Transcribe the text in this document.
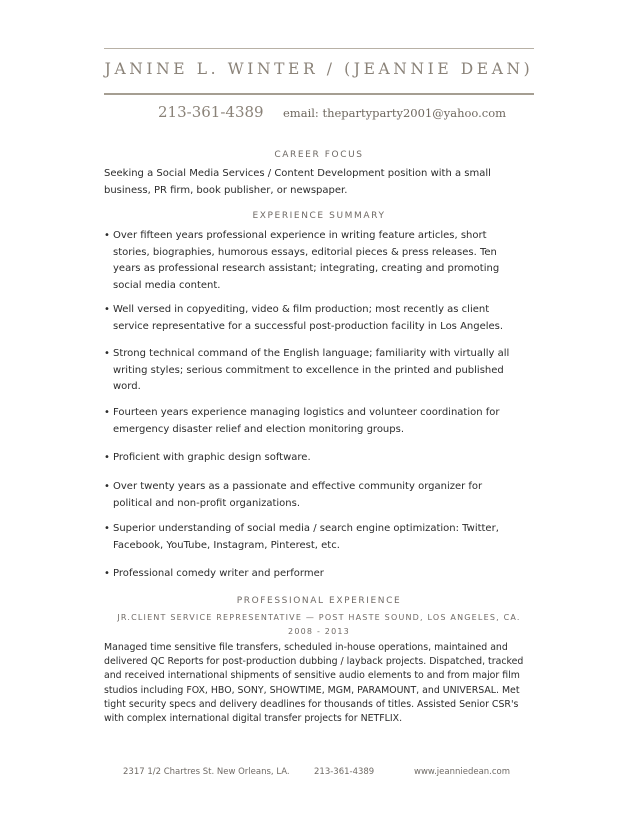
JANINE L. WINTER / (JEANNIE DEAN)
213-361-4389 email: thepartyparty2001@yahoo.com
CAREER FOCUS
Seeking a Social Media Services / Content Development position with a small business, PR firm, book publisher, or newspaper.
EXPERIENCE SUMMARY
• Over fifteen years professional experience in writing feature articles, short stories, biographies, humorous essays, editorial pieces & press releases. Ten years as professional research assistant; integrating, creating and promoting social media content.
• Well versed in copyediting, video & film production; most recently as client service representative for a successful post-production facility in Los Angeles.
• Strong technical command of the English language; familiarity with virtually all writing styles; serious commitment to excellence in the printed and published word.
• Fourteen years experience managing logistics and volunteer coordination for emergency disaster relief and election monitoring groups.
• Proficient with graphic design software.
• Over twenty years as a passionate and effective community organizer for political and non-profit organizations.
• Superior understanding of social media / search engine optimization: Twitter, Facebook, YouTube, Instagram, Pinterest, etc.
• Professional comedy writer and performer
PROFESSIONAL EXPERIENCE
JR.CLIENT SERVICE REPRESENTATIVE — POST HASTE SOUND, LOS ANGELES, CA.
2008 - 2013
Managed time sensitive file transfers, scheduled in-house operations, maintained and delivered QC Reports for post-production dubbing / layback projects. Dispatched, tracked and received international shipments of sensitive audio elements to and from major film studios including FOX, HBO, SONY, SHOWTIME, MGM, PARAMOUNT, and UNIVERSAL. Met tight security specs and delivery deadlines for thousands of titles. Assisted Senior CSR's with complex international digital transfer projects for NETFLIX.
2317 1/2 Chartres St. New Orleans, LA.	213-361-4389	www.jeanniedean.com
